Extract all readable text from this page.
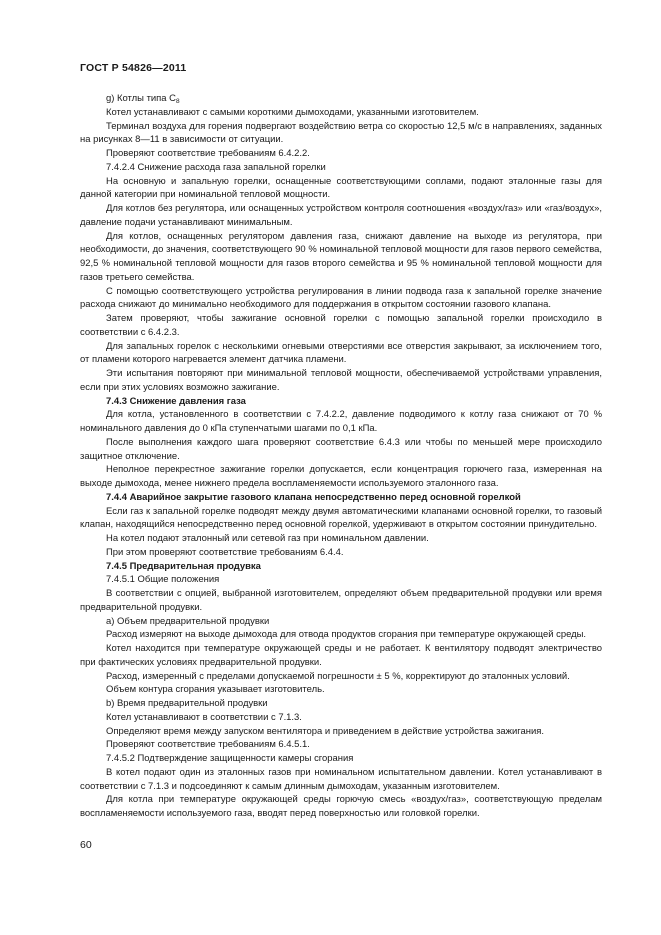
ГОСТ Р 54826—2011

g) Котлы типа $C_8$

Котел устанавливают с самыми короткими дымоходами, указанными изготовителем.

Терминал воздуха для горения подвергают воздействию ветра со скоростью 12,5 м/с в направлениях, заданных на рисунках 8—11 в зависимости от ситуации.

Проверяют соответствие требованиям 6.4.2.2.

7.4.2.4 Снижение расхода газа запальной горелки

На основную и запальную горелки, оснащенные соответствующими соплами, подают эталонные газы для данной категории при номинальной тепловой мощности.

Для котлов без регулятора, или оснащенных устройством контроля соотношения «воздух/газ» или «газ/воздух», давление подачи устанавливают минимальным.

Для котлов, оснащенных регулятором давления газа, снижают давление на выходе из регулятора, при необходимости, до значения, соответствующего 90 % номинальной тепловой мощности для газов первого семейства, 92,5 % номинальной тепловой мощности для газов второго семейства и 95 % номинальной тепловой мощности для газов третьего семейства.

С помощью соответствующего устройства регулирования в линии подвода газа к запальной горелке значение расхода снижают до минимально необходимого для поддержания в открытом состоянии газового клапана.

Затем проверяют, чтобы зажигание основной горелки с помощью запальной горелки происходило в соответствии с 6.4.2.3.

Для запальных горелок с несколькими огневыми отверстиями все отверстия закрывают, за исключением того, от пламени которого нагревается элемент датчика пламени.

Эти испытания повторяют при минимальной тепловой мощности, обеспечиваемой устройствами управления, если при этих условиях возможно зажигание.

7.4.3 Снижение давления газа

Для котла, установленного в соответствии с 7.4.2.2, давление подводимого к котлу газа снижают от 70 % номинального давления до 0 кПа ступенчатыми шагами по 0,1 кПа.

После выполнения каждого шага проверяют соответствие 6.4.3 или чтобы по меньшей мере происходило защитное отключение.

Неполное перекрестное зажигание горелки допускается, если концентрация горючего газа, измеренная на выходе дымохода, менее нижнего предела воспламеняемости используемого эталонного газа.

7.4.4 Аварийное закрытие газового клапана непосредственно перед основной горелкой

Если газ к запальной горелке подводят между двумя автоматическими клапанами основной горелки, то газовый клапан, находящийся непосредственно перед основной горелкой, удерживают в открытом состоянии принудительно.

На котел подают эталонный или сетевой газ при номинальном давлении.

При этом проверяют соответствие требованиям 6.4.4.

7.4.5 Предварительная продувка

7.4.5.1 Общие положения

В соответствии с опцией, выбранной изготовителем, определяют объем предварительной продувки или время предварительной продувки.

a) Объем предварительной продувки

Расход измеряют на выходе дымохода для отвода продуктов сгорания при температуре окружающей среды.

Котел находится при температуре окружающей среды и не работает. К вентилятору подводят электричество при фактических условиях предварительной продувки.

Расход, измеренный с пределами допускаемой погрешности ± 5 %, корректируют до эталонных условий.

Объем контура сгорания указывает изготовитель.

b) Время предварительной продувки

Котел устанавливают в соответствии с 7.1.3.

Определяют время между запуском вентилятора и приведением в действие устройства зажигания.

Проверяют соответствие требованиям 6.4.5.1.

7.4.5.2 Подтверждение защищенности камеры сгорания

В котел подают один из эталонных газов при номинальном испытательном давлении. Котел устанавливают в соответствии с 7.1.3 и подсоединяют к самым длинным дымоходам, указанным изготовителем.

Для котла при температуре окружающей среды горючую смесь «воздух/газ», соответствующую пределам воспламеняемости используемого газа, вводят перед поверхностью или головкой горелки.

60
